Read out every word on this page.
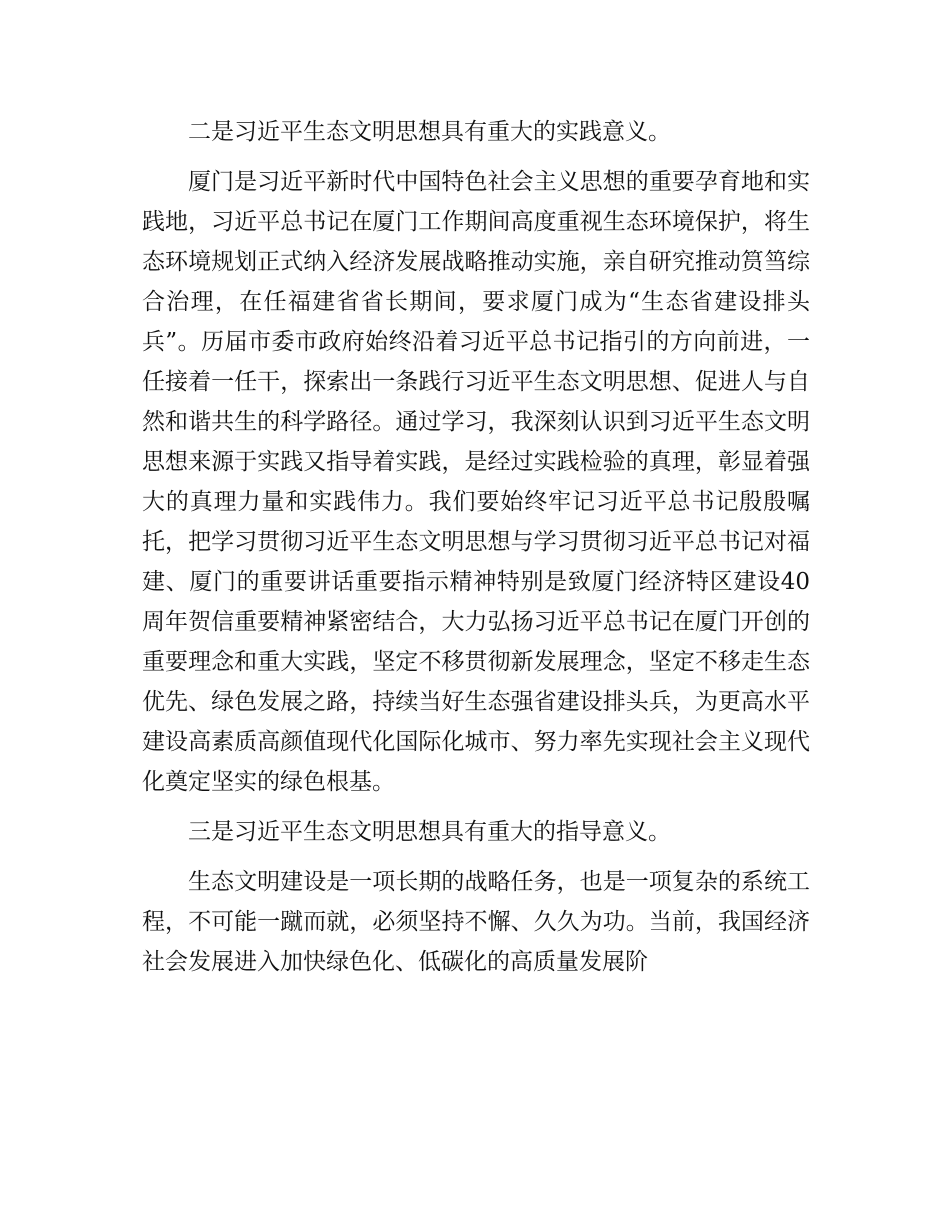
二是习近平生态文明思想具有重大的实践意义。

厦门是习近平新时代中国特色社会主义思想的重要孕育地和实践地，习近平总书记在厦门工作期间高度重视生态环境保护，将生态环境规划正式纳入经济发展战略推动实施，亲自研究推动筼筜综合治理，在任福建省省长期间，要求厦门成为“生态省建设排头兵”。历届市委市政府始终沿着习近平总书记指引的方向前进，一任接着一任干，探索出一条践行习近平生态文明思想、促进人与自然和谐共生的科学路径。通过学习，我深刻认识到习近平生态文明思想来源于实践又指导着实践，是经过实践检验的真理，彰显着强大的真理力量和实践伟力。我们要始终牢记习近平总书记殷殷嘱托，把学习贯彻习近平生态文明思想与学习贯彻习近平总书记对福建、厦门的重要讲话重要指示精神特别是致厦门经济特区建设40周年贺信重要精神紧密结合，大力弘扬习近平总书记在厦门开创的重要理念和重大实践，坚定不移贯彻新发展理念，坚定不移走生态优先、绿色发展之路，持续当好生态强省建设排头兵，为更高水平建设高素质高颜值现代化国际化城市、努力率先实现社会主义现代化奠定坚实的绿色根基。

三是习近平生态文明思想具有重大的指导意义。

生态文明建设是一项长期的战略任务，也是一项复杂的系统工程，不可能一蹴而就，必须坚持不懈、久久为功。当前，我国经济社会发展进入加快绿色化、低碳化的高质量发展阶
